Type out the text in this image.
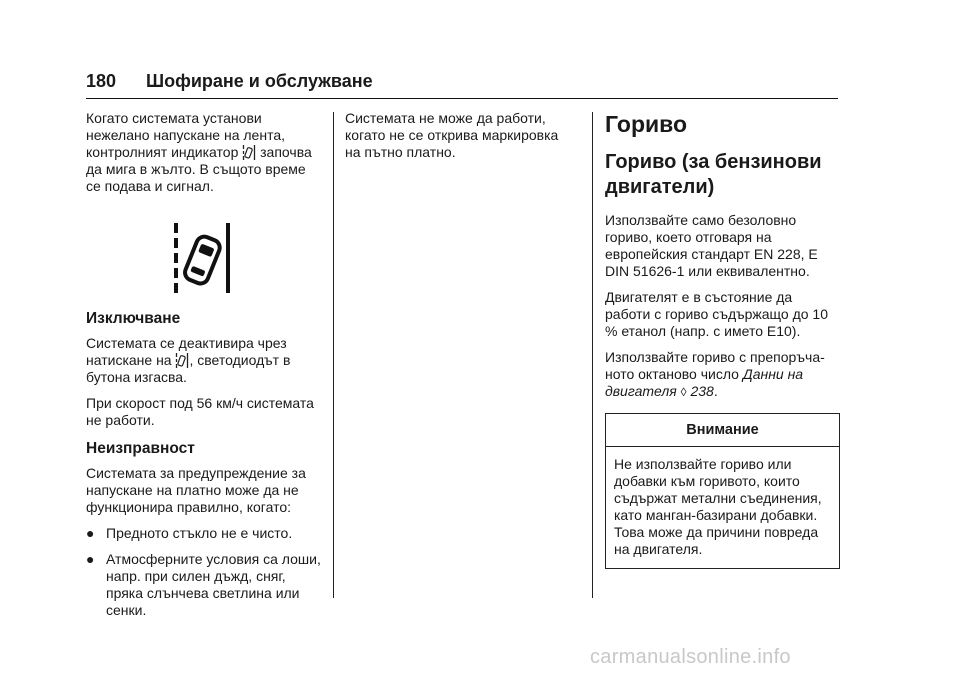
180 Шофиране и обслужване

Когато системата установи нежелано напускане на лента, контролният индикатор  започва да мига в жълто. В същото време се подава и сигнал.

Изключване

Системата се деактивира чрез натискане на , светодиодът в бутона изгасва.

При скорост под 56 км/ч системата не работи.

Неизправност

Системата за предупреждение за напускане на платно може да не функционира правилно, когато:

● Предното стъкло не е чисто.
● Атмосферните условия са лоши, напр. при силен дъжд, сняг, пряка слънчева светлина или сенки.

Системата не може да работи, когато не се открива маркировка на пътно платно.

Гориво
Гориво (за бензинови двигатели)

Използвайте само безоловно гориво, което отговаря на европейския стандарт EN 228, E DIN 51626-1 или еквивалентно.

Двигателят е в състояние да работи с гориво съдържащо до 10 % етанол (напр. с името E10).

Използвайте гориво с препоръчаното октаново число Данни на двигателя ◊ 238.

Внимание
Не използвайте гориво или добавки към горивото, които съдържат метални съединения, като манган-базирани добавки. Това може да причини повреда на двигателя.
carmanualsonline.info
